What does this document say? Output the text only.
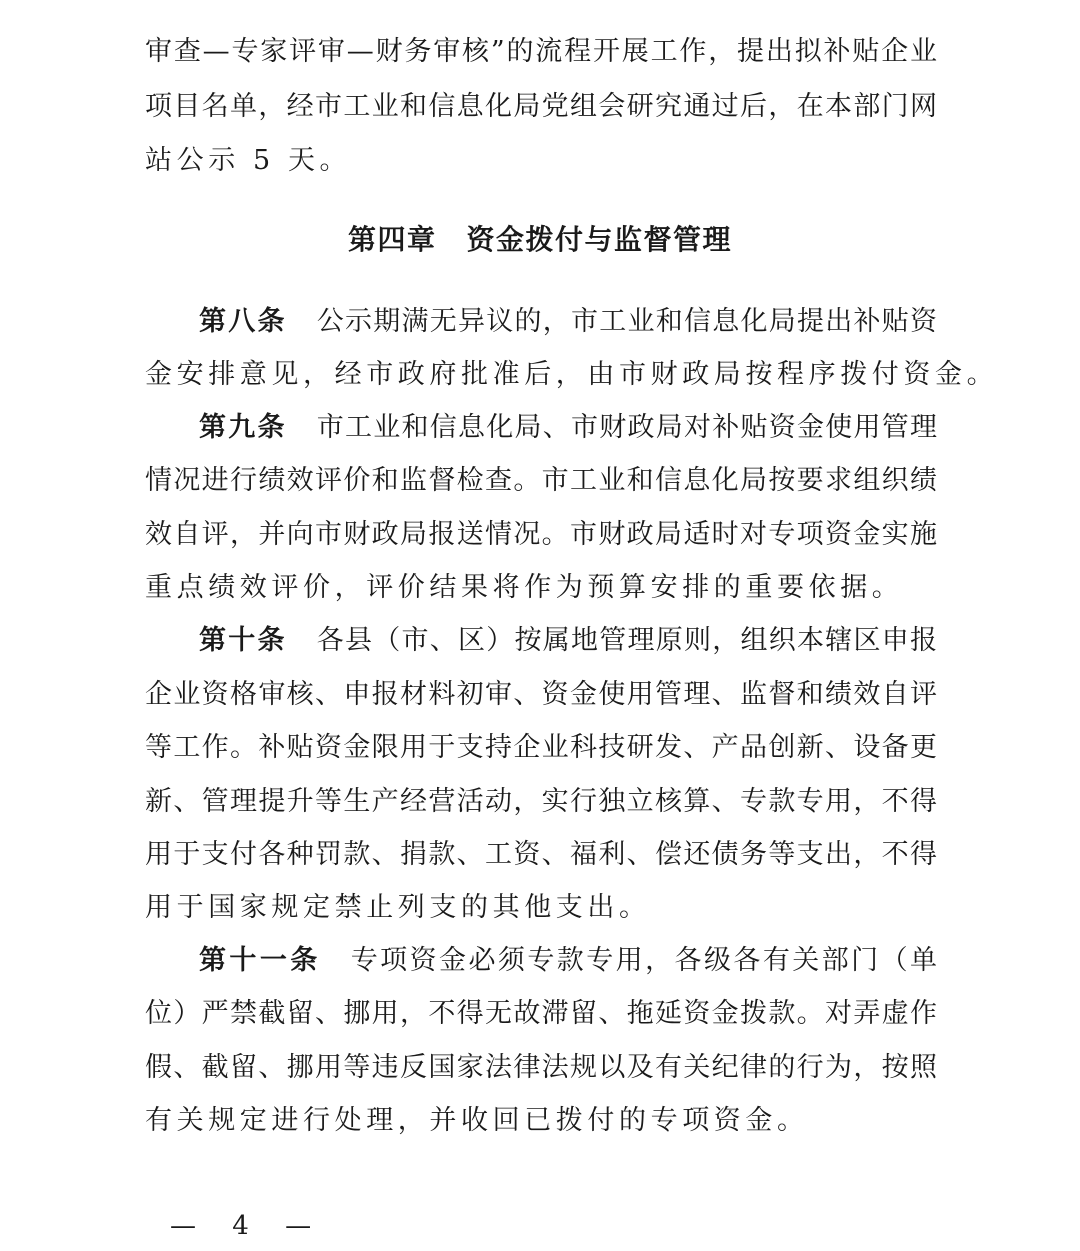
审查—专家评审—财务审核”的流程开展工作，提出拟补贴企业
项目名单，经市工业和信息化局党组会研究通过后，在本部门网
站公示 5 天。
第四章 资金拨付与监督管理
第八条 公示期满无异议的，市工业和信息化局提出补贴资
金安排意见，经市政府批准后，由市财政局按程序拨付资金。
第九条 市工业和信息化局、市财政局对补贴资金使用管理
情况进行绩效评价和监督检查。市工业和信息化局按要求组织绩
效自评，并向市财政局报送情况。市财政局适时对专项资金实施
重点绩效评价，评价结果将作为预算安排的重要依据。
第十条 各县（市、区）按属地管理原则，组织本辖区申报
企业资格审核、申报材料初审、资金使用管理、监督和绩效自评
等工作。补贴资金限用于支持企业科技研发、产品创新、设备更
新、管理提升等生产经营活动，实行独立核算、专款专用，不得
用于支付各种罚款、捐款、工资、福利、偿还债务等支出，不得
用于国家规定禁止列支的其他支出。
第十一条 专项资金必须专款专用，各级各有关部门（单
位）严禁截留、挪用，不得无故滞留、拖延资金拨款。对弄虚作
假、截留、挪用等违反国家法律法规以及有关纪律的行为，按照
有关规定进行处理，并收回已拨付的专项资金。
— 4 —
